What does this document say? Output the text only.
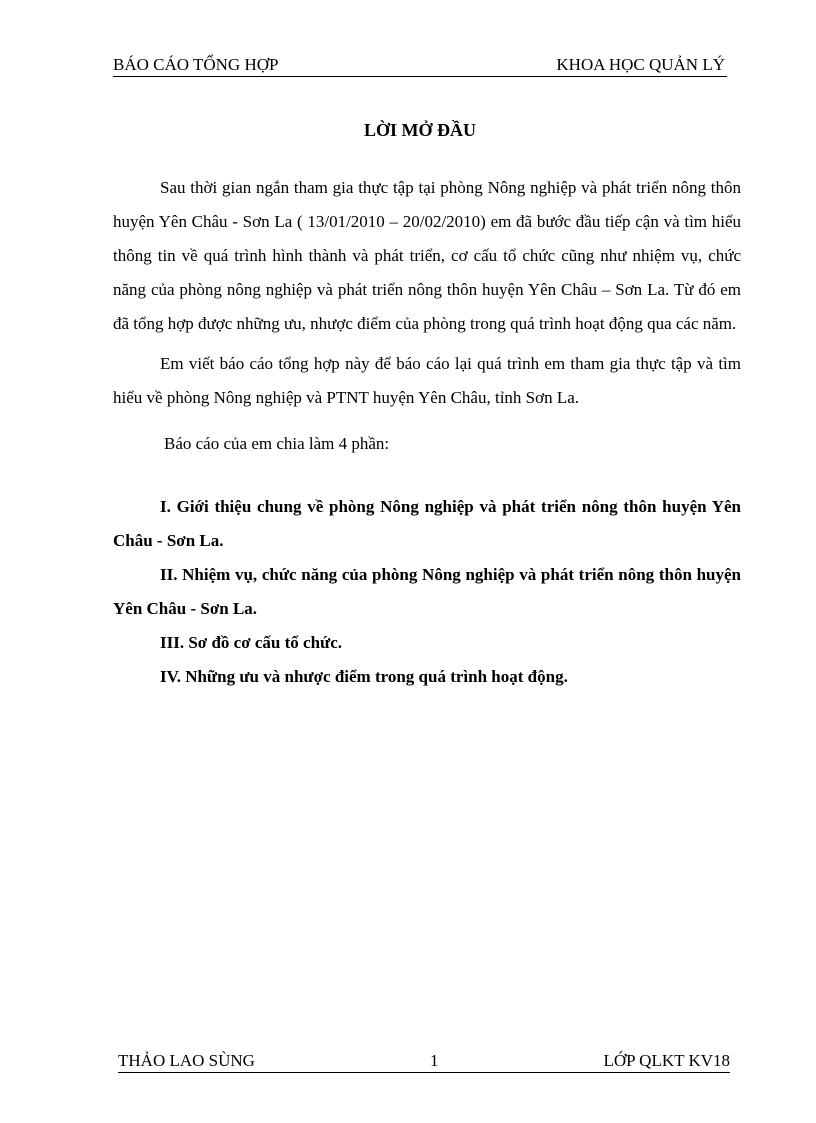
BÁO CÁO TỔNG HỢP	KHOA HỌC QUẢN LÝ
LỜI MỞ ĐẦU

Sau thời gian ngắn tham gia thực tập tại phòng Nông nghiệp và phát triển nông thôn huyện Yên Châu - Sơn La ( 13/01/2010 – 20/02/2010) em đã bước đầu tiếp cận và tìm hiểu thông tin về quá trình hình thành và phát triển, cơ cấu tổ chức cũng như nhiệm vụ, chức năng của phòng nông nghiệp và phát triển nông thôn huyện Yên Châu – Sơn La. Từ đó em đã tổng hợp được những ưu, nhược điểm của phòng trong quá trình hoạt động qua các năm.

Em viết báo cáo tổng hợp này để báo cáo lại quá trình em tham gia thực tập và tìm hiểu về phòng Nông nghiệp và PTNT huyện Yên Châu, tỉnh Sơn La.

Báo cáo của em chia làm 4 phần:

I. Giới thiệu chung về phòng Nông nghiệp và phát triển nông thôn huyện Yên Châu - Sơn La.

II. Nhiệm vụ, chức năng của phòng Nông nghiệp và phát triển nông thôn huyện Yên Châu - Sơn La.

III. Sơ đồ cơ cấu tổ chức.

IV. Những ưu và nhược điểm trong quá trình hoạt động.

THẢO LAO SÙNG	1	LỚP QLKT KV18
